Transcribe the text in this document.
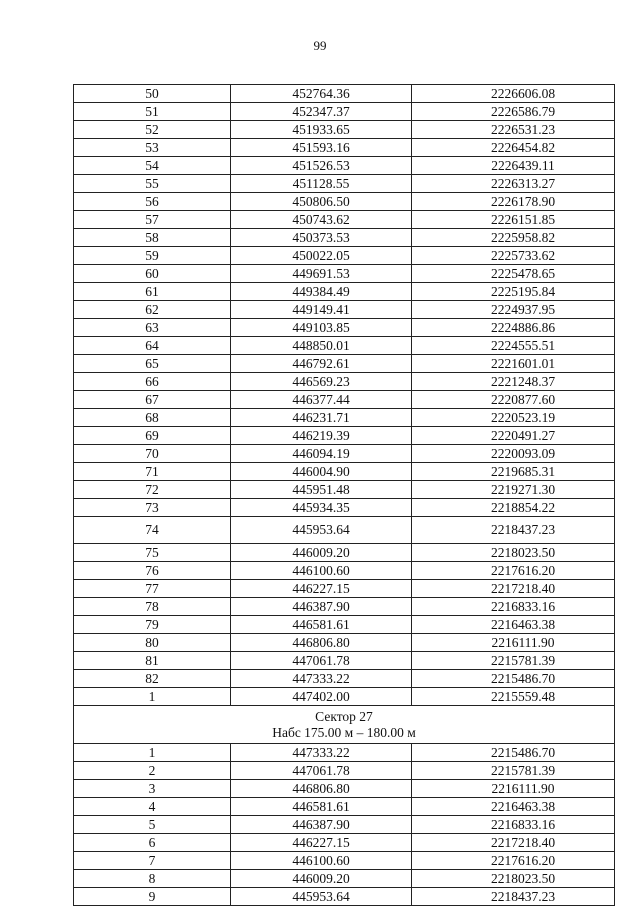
99
50	452764.36	2226606.08
51	452347.37	2226586.79
52	451933.65	2226531.23
53	451593.16	2226454.82
54	451526.53	2226439.11
55	451128.55	2226313.27
56	450806.50	2226178.90
57	450743.62	2226151.85
58	450373.53	2225958.82
59	450022.05	2225733.62
60	449691.53	2225478.65
61	449384.49	2225195.84
62	449149.41	2224937.95
63	449103.85	2224886.86
64	448850.01	2224555.51
65	446792.61	2221601.01
66	446569.23	2221248.37
67	446377.44	2220877.60
68	446231.71	2220523.19
69	446219.39	2220491.27
70	446094.19	2220093.09
71	446004.90	2219685.31
72	445951.48	2219271.30
73	445934.35	2218854.22
74	445953.64	2218437.23
75	446009.20	2218023.50
76	446100.60	2217616.20
77	446227.15	2217218.40
78	446387.90	2216833.16
79	446581.61	2216463.38
80	446806.80	2216111.90
81	447061.78	2215781.39
82	447333.22	2215486.70
1	447402.00	2215559.48

Сектор 27
Набс 175.00 м – 180.00 м		

1	447333.22	2215486.70
2	447061.78	2215781.39
3	446806.80	2216111.90
4	446581.61	2216463.38
5	446387.90	2216833.16
6	446227.15	2217218.40
7	446100.60	2217616.20
8	446009.20	2218023.50
9	445953.64	2218437.23
